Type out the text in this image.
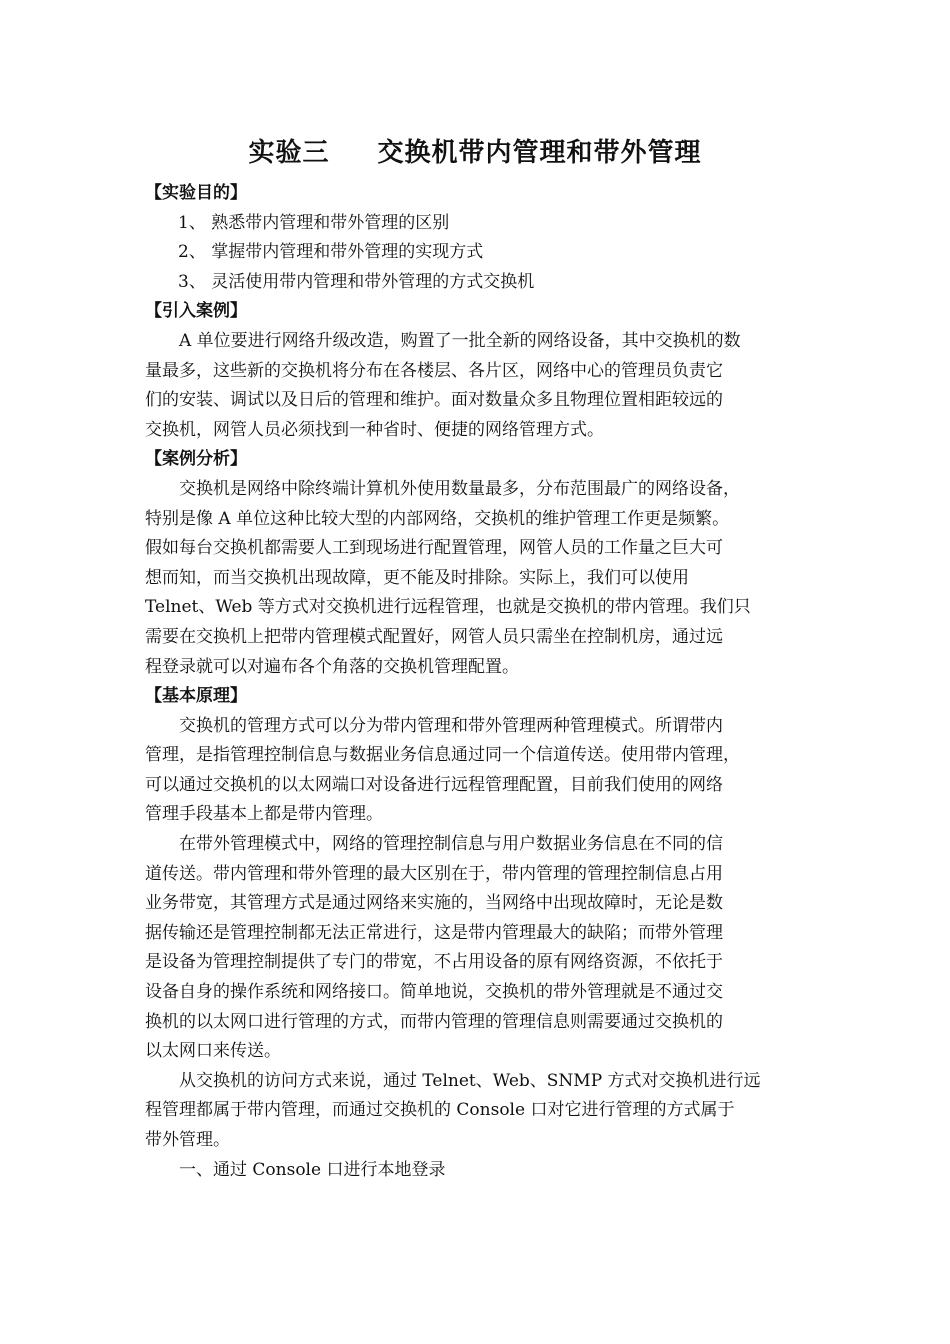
实验三 交换机带内管理和带外管理
【实验目的】
1、 熟悉带内管理和带外管理的区别
2、 掌握带内管理和带外管理的实现方式
3、 灵活使用带内管理和带外管理的方式交换机
【引入案例】
A 单位要进行网络升级改造，购置了一批全新的网络设备，其中交换机的数
量最多，这些新的交换机将分布在各楼层、各片区，网络中心的管理员负责它
们的安装、调试以及日后的管理和维护。面对数量众多且物理位置相距较远的
交换机，网管人员必须找到一种省时、便捷的网络管理方式。
【案例分析】
交换机是网络中除终端计算机外使用数量最多，分布范围最广的网络设备，
特别是像 A 单位这种比较大型的内部网络，交换机的维护管理工作更是频繁。
假如每台交换机都需要人工到现场进行配置管理，网管人员的工作量之巨大可
想而知，而当交换机出现故障，更不能及时排除。实际上，我们可以使用
Telnet、Web 等方式对交换机进行远程管理，也就是交换机的带内管理。我们只
需要在交换机上把带内管理模式配置好，网管人员只需坐在控制机房，通过远
程登录就可以对遍布各个角落的交换机管理配置。
【基本原理】
交换机的管理方式可以分为带内管理和带外管理两种管理模式。所谓带内
管理，是指管理控制信息与数据业务信息通过同一个信道传送。使用带内管理，
可以通过交换机的以太网端口对设备进行远程管理配置，目前我们使用的网络
管理手段基本上都是带内管理。
在带外管理模式中，网络的管理控制信息与用户数据业务信息在不同的信
道传送。带内管理和带外管理的最大区别在于，带内管理的管理控制信息占用
业务带宽，其管理方式是通过网络来实施的，当网络中出现故障时，无论是数
据传输还是管理控制都无法正常进行，这是带内管理最大的缺陷；而带外管理
是设备为管理控制提供了专门的带宽，不占用设备的原有网络资源，不依托于
设备自身的操作系统和网络接口。简单地说，交换机的带外管理就是不通过交
换机的以太网口进行管理的方式，而带内管理的管理信息则需要通过交换机的
以太网口来传送。
从交换机的访问方式来说，通过 Telnet、Web、SNMP 方式对交换机进行远
程管理都属于带内管理，而通过交换机的 Console 口对它进行管理的方式属于
带外管理。
一、通过 Console 口进行本地登录
